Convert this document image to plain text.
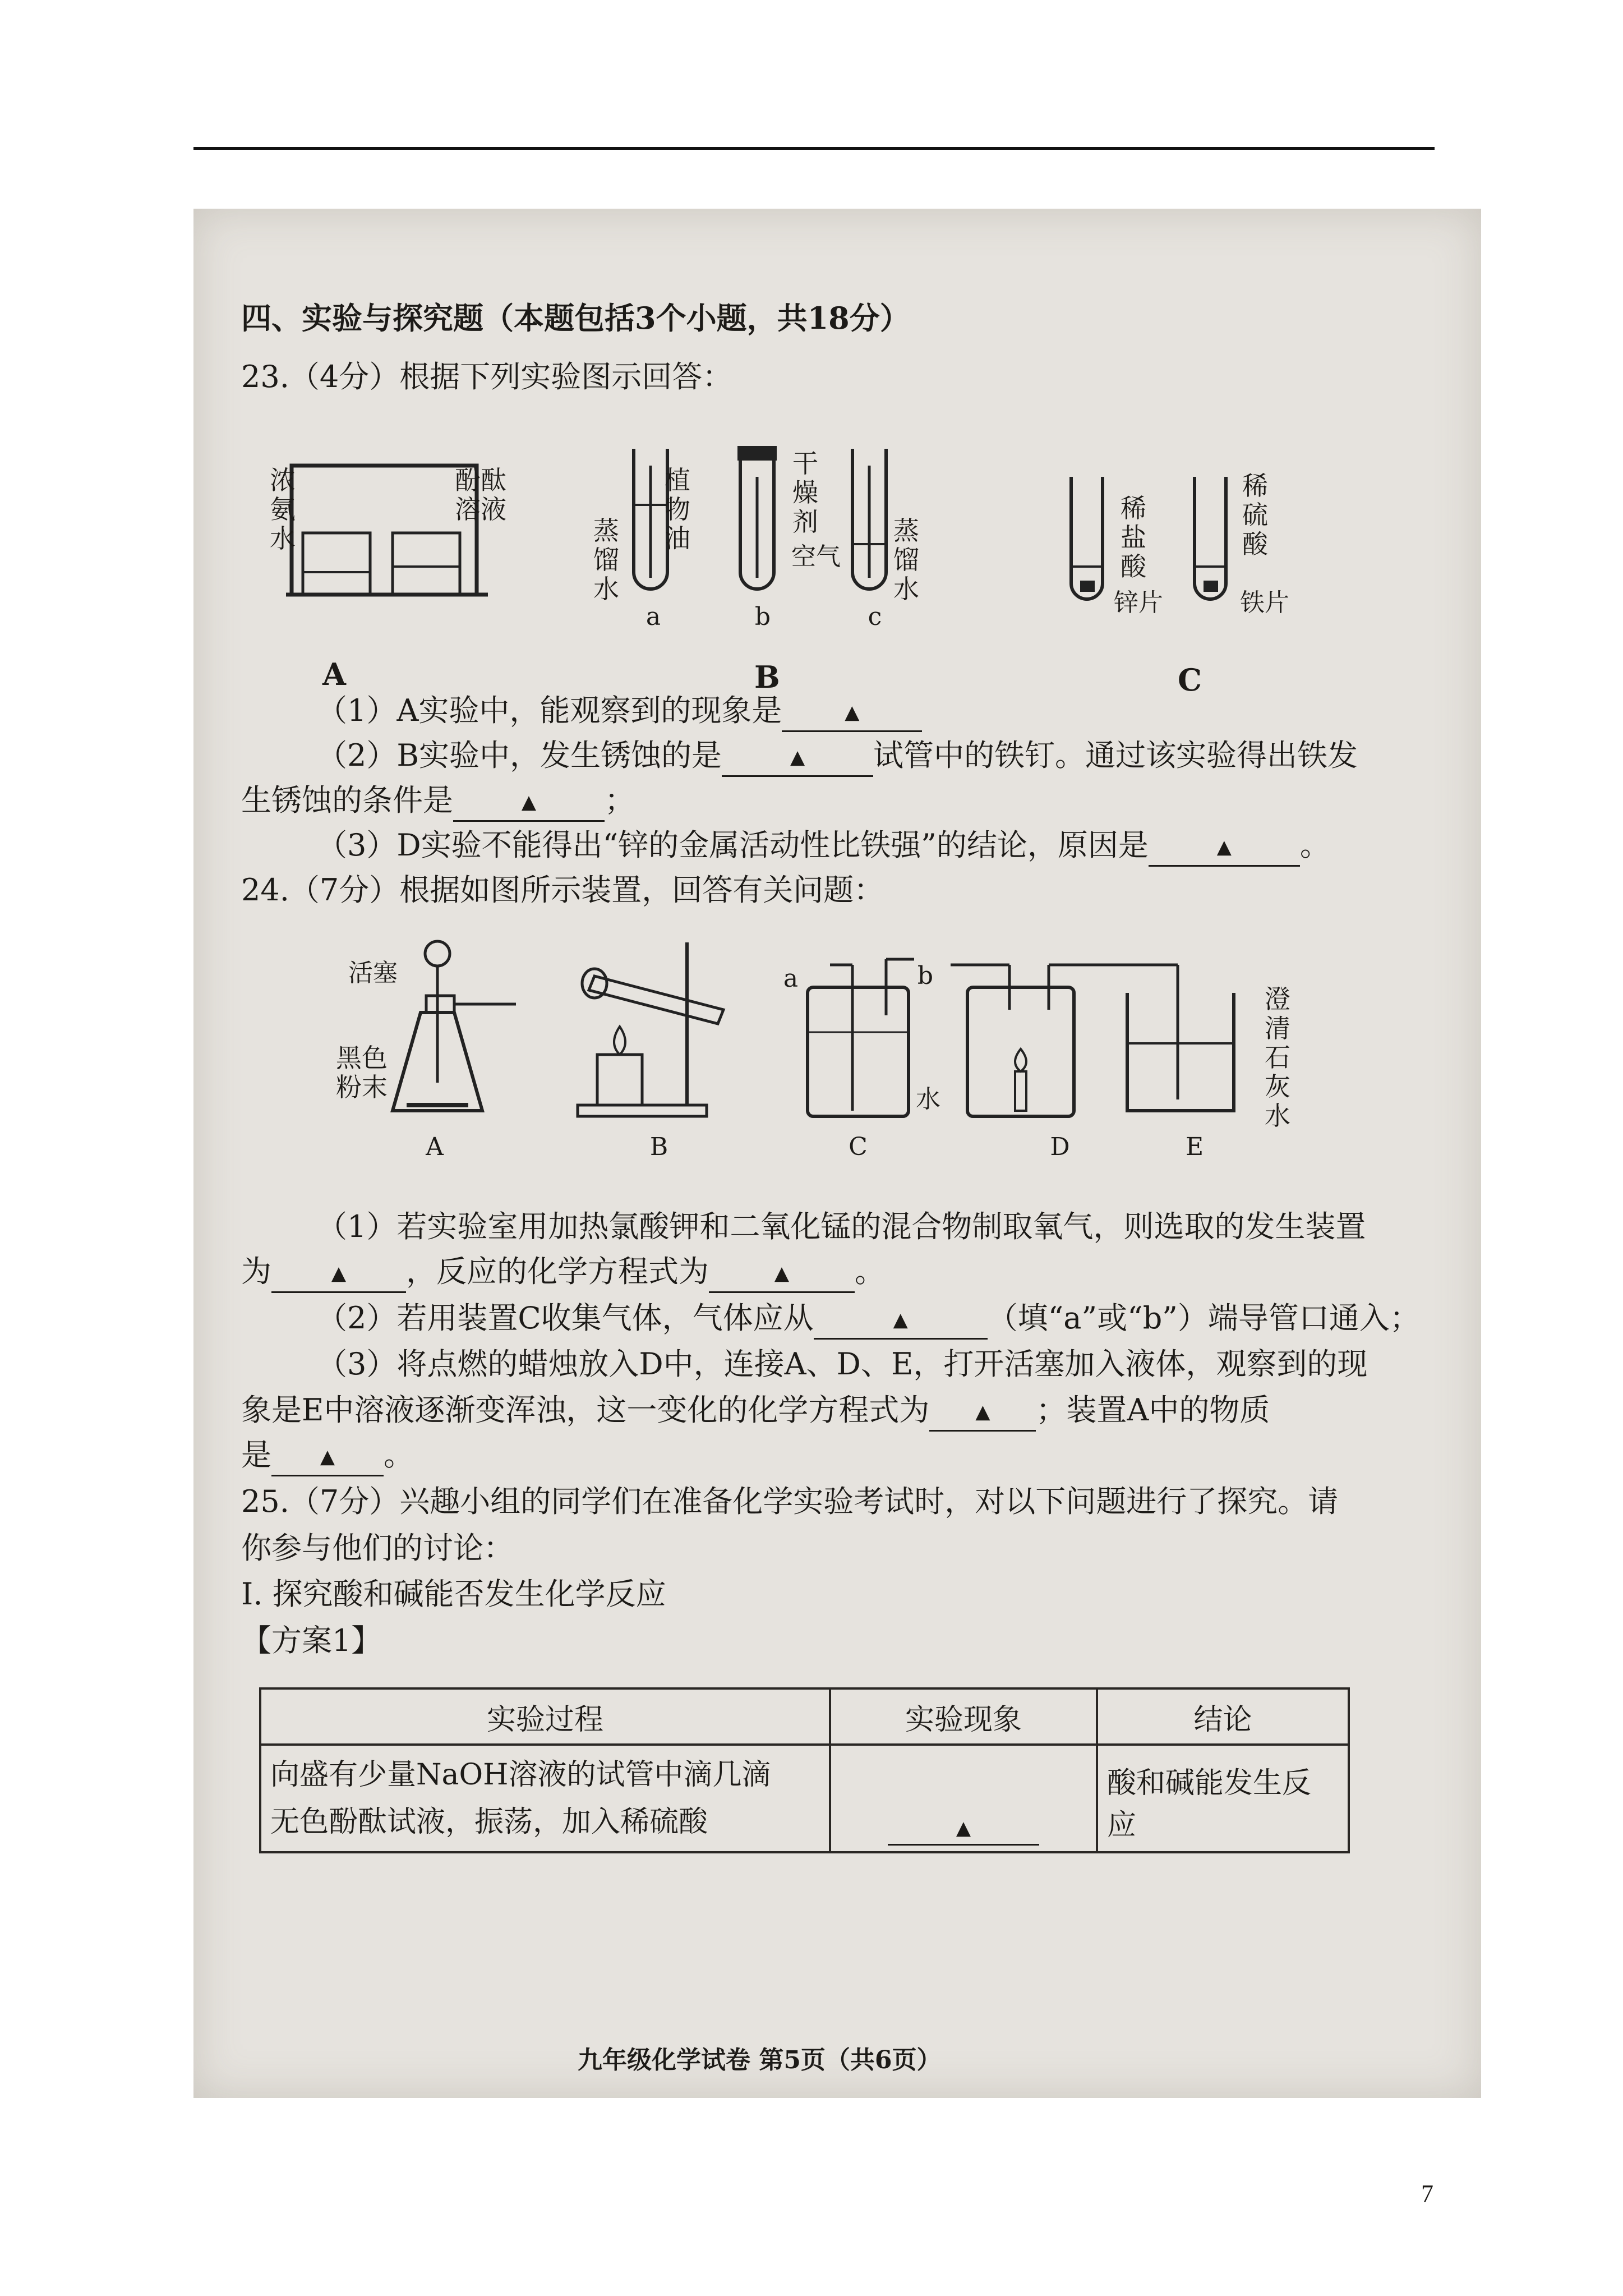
四、实验与探究题（本题包括3个小题，共18分）
23.（4分）根据下列实验图示回答：
浓氨水
酚酞溶液
A
植物油
蒸馏水
干燥剂
空气
蒸馏水
a	b	c
B
稀盐酸
锌片
稀硫酸
铁片
C
（1）A实验中，能观察到的现象是	▲
（2）B实验中，发生锈蚀的是	▲ 试管中的铁钉。通过该实验得出铁发
生锈蚀的条件是	▲ ；
（3）D实验不能得出“锌的金属活动性比铁强”的结论，原因是	▲ 。
24.（7分）根据如图所示装置，回答有关问题：
活塞
黑色粉末
a	b
水
澄清石灰水
A	B	C	D	E
（1）若实验室用加热氯酸钾和二氧化锰的混合物制取氧气，则选取的发生装置
为	▲ ，反应的化学方程式为	▲ 。
（2）若用装置C收集气体，气体应从	▲	（填“a”或“b”）端导管口通入；
（3）将点燃的蜡烛放入D中，连接A、D、E，打开活塞加入液体，观察到的现
象是E中溶液逐渐变浑浊，这一变化的化学方程式为 ▲ ；装置A中的物质
是	▲ 。
25.（7分）兴趣小组的同学们在准备化学实验考试时，对以下问题进行了探究。请
你参与他们的讨论：
I. 探究酸和碱能否发生化学反应
【方案1】
实验过程	实验现象	结论

向盛有少量NaOH溶液的试管中滴几滴
无色酚酞试液，振荡，加入稀硫酸	▲	酸和碱能发生反应
九年级化学试卷 第5页（共6页）
7
